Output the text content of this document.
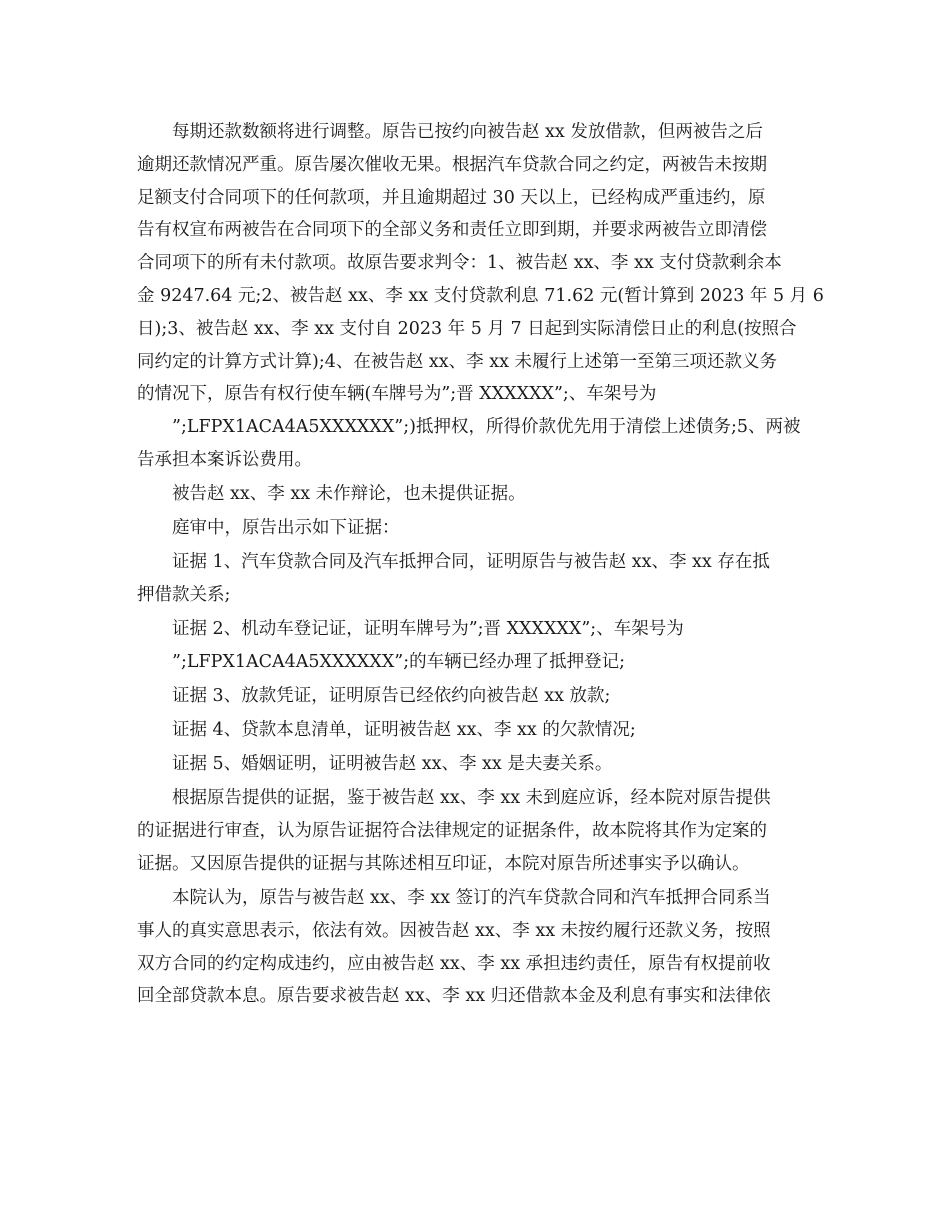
　　每期还款数额将进行调整。原告已按约向被告赵 xx 发放借款，但两被告之后
逾期还款情况严重。原告屡次催收无果。根据汽车贷款合同之约定，两被告未按期
足额支付合同项下的任何款项，并且逾期超过 30 天以上，已经构成严重违约，原
告有权宣布两被告在合同项下的全部义务和责任立即到期，并要求两被告立即清偿
合同项下的所有未付款项。故原告要求判令：1、被告赵 xx、李 xx 支付贷款剩余本
金 9247.64 元;2、被告赵 xx、李 xx 支付贷款利息 71.62 元(暂计算到 2023 年 5 月 6
日);3、被告赵 xx、李 xx 支付自 2023 年 5 月 7 日起到实际清偿日止的利息(按照合
同约定的计算方式计算);4、在被告赵 xx、李 xx 未履行上述第一至第三项还款义务
的情况下，原告有权行使车辆(车牌号为”;晋 XXXXXX”;、车架号为
　　”;LFPX1ACA4A5XXXXXX”;)抵押权，所得价款优先用于清偿上述债务;5、两被
告承担本案诉讼费用。

　　被告赵 xx、李 xx 未作辩论，也未提供证据。

　　庭审中，原告出示如下证据：

　　证据 1、汽车贷款合同及汽车抵押合同，证明原告与被告赵 xx、李 xx 存在抵
押借款关系;

　　证据 2、机动车登记证，证明车牌号为”;晋 XXXXXX”;、车架号为
　　”;LFPX1ACA4A5XXXXXX”;的车辆已经办理了抵押登记;

　　证据 3、放款凭证，证明原告已经依约向被告赵 xx 放款;

　　证据 4、贷款本息清单，证明被告赵 xx、李 xx 的欠款情况;

　　证据 5、婚姻证明，证明被告赵 xx、李 xx 是夫妻关系。

　　根据原告提供的证据，鉴于被告赵 xx、李 xx 未到庭应诉，经本院对原告提供
的证据进行审查，认为原告证据符合法律规定的证据条件，故本院将其作为定案的
证据。又因原告提供的证据与其陈述相互印证，本院对原告所述事实予以确认。

　　本院认为，原告与被告赵 xx、李 xx 签订的汽车贷款合同和汽车抵押合同系当
事人的真实意思表示，依法有效。因被告赵 xx、李 xx 未按约履行还款义务，按照
双方合同的约定构成违约，应由被告赵 xx、李 xx 承担违约责任，原告有权提前收
回全部贷款本息。原告要求被告赵 xx、李 xx 归还借款本金及利息有事实和法律依
